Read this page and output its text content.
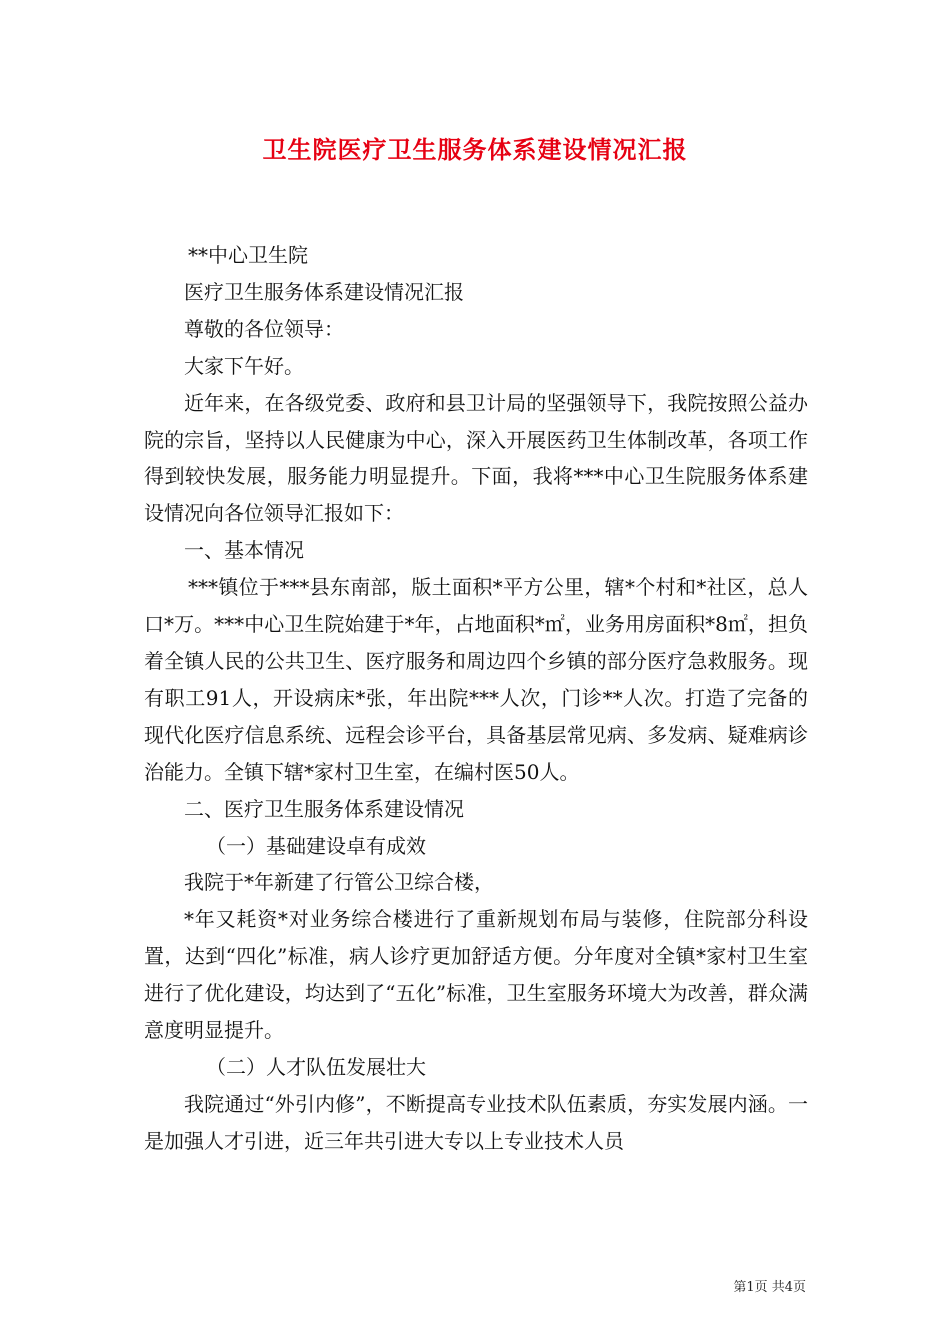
卫生院医疗卫生服务体系建设情况汇报

**中心卫生院

医疗卫生服务体系建设情况汇报

尊敬的各位领导：

大家下午好。

近年来，在各级党委、政府和县卫计局的坚强领导下，我院按照公益办院的宗旨，坚持以人民健康为中心，深入开展医药卫生体制改革，各项工作得到较快发展，服务能力明显提升。下面，我将***中心卫生院服务体系建设情况向各位领导汇报如下：

一、基本情况

***镇位于***县东南部，版土面积*平方公里，辖*个村和*社区，总人口*万。***中心卫生院始建于*年，占地面积*㎡，业务用房面积*8㎡，担负着全镇人民的公共卫生、医疗服务和周边四个乡镇的部分医疗急救服务。现有职工91人，开设病床*张，年出院***人次，门诊**人次。打造了完备的现代化医疗信息系统、远程会诊平台，具备基层常见病、多发病、疑难病诊治能力。全镇下辖*家村卫生室，在编村医50人。

二、医疗卫生服务体系建设情况

（一）基础建设卓有成效

我院于*年新建了行管公卫综合楼，

*年又耗资*对业务综合楼进行了重新规划布局与装修，住院部分科设置，达到“四化”标准，病人诊疗更加舒适方便。分年度对全镇*家村卫生室进行了优化建设，均达到了“五化”标准，卫生室服务环境大为改善，群众满意度明显提升。

（二）人才队伍发展壮大

我院通过“外引内修”，不断提高专业技术队伍素质，夯实发展内涵。一是加强人才引进，近三年共引进大专以上专业技术人员

第1页 共4页
